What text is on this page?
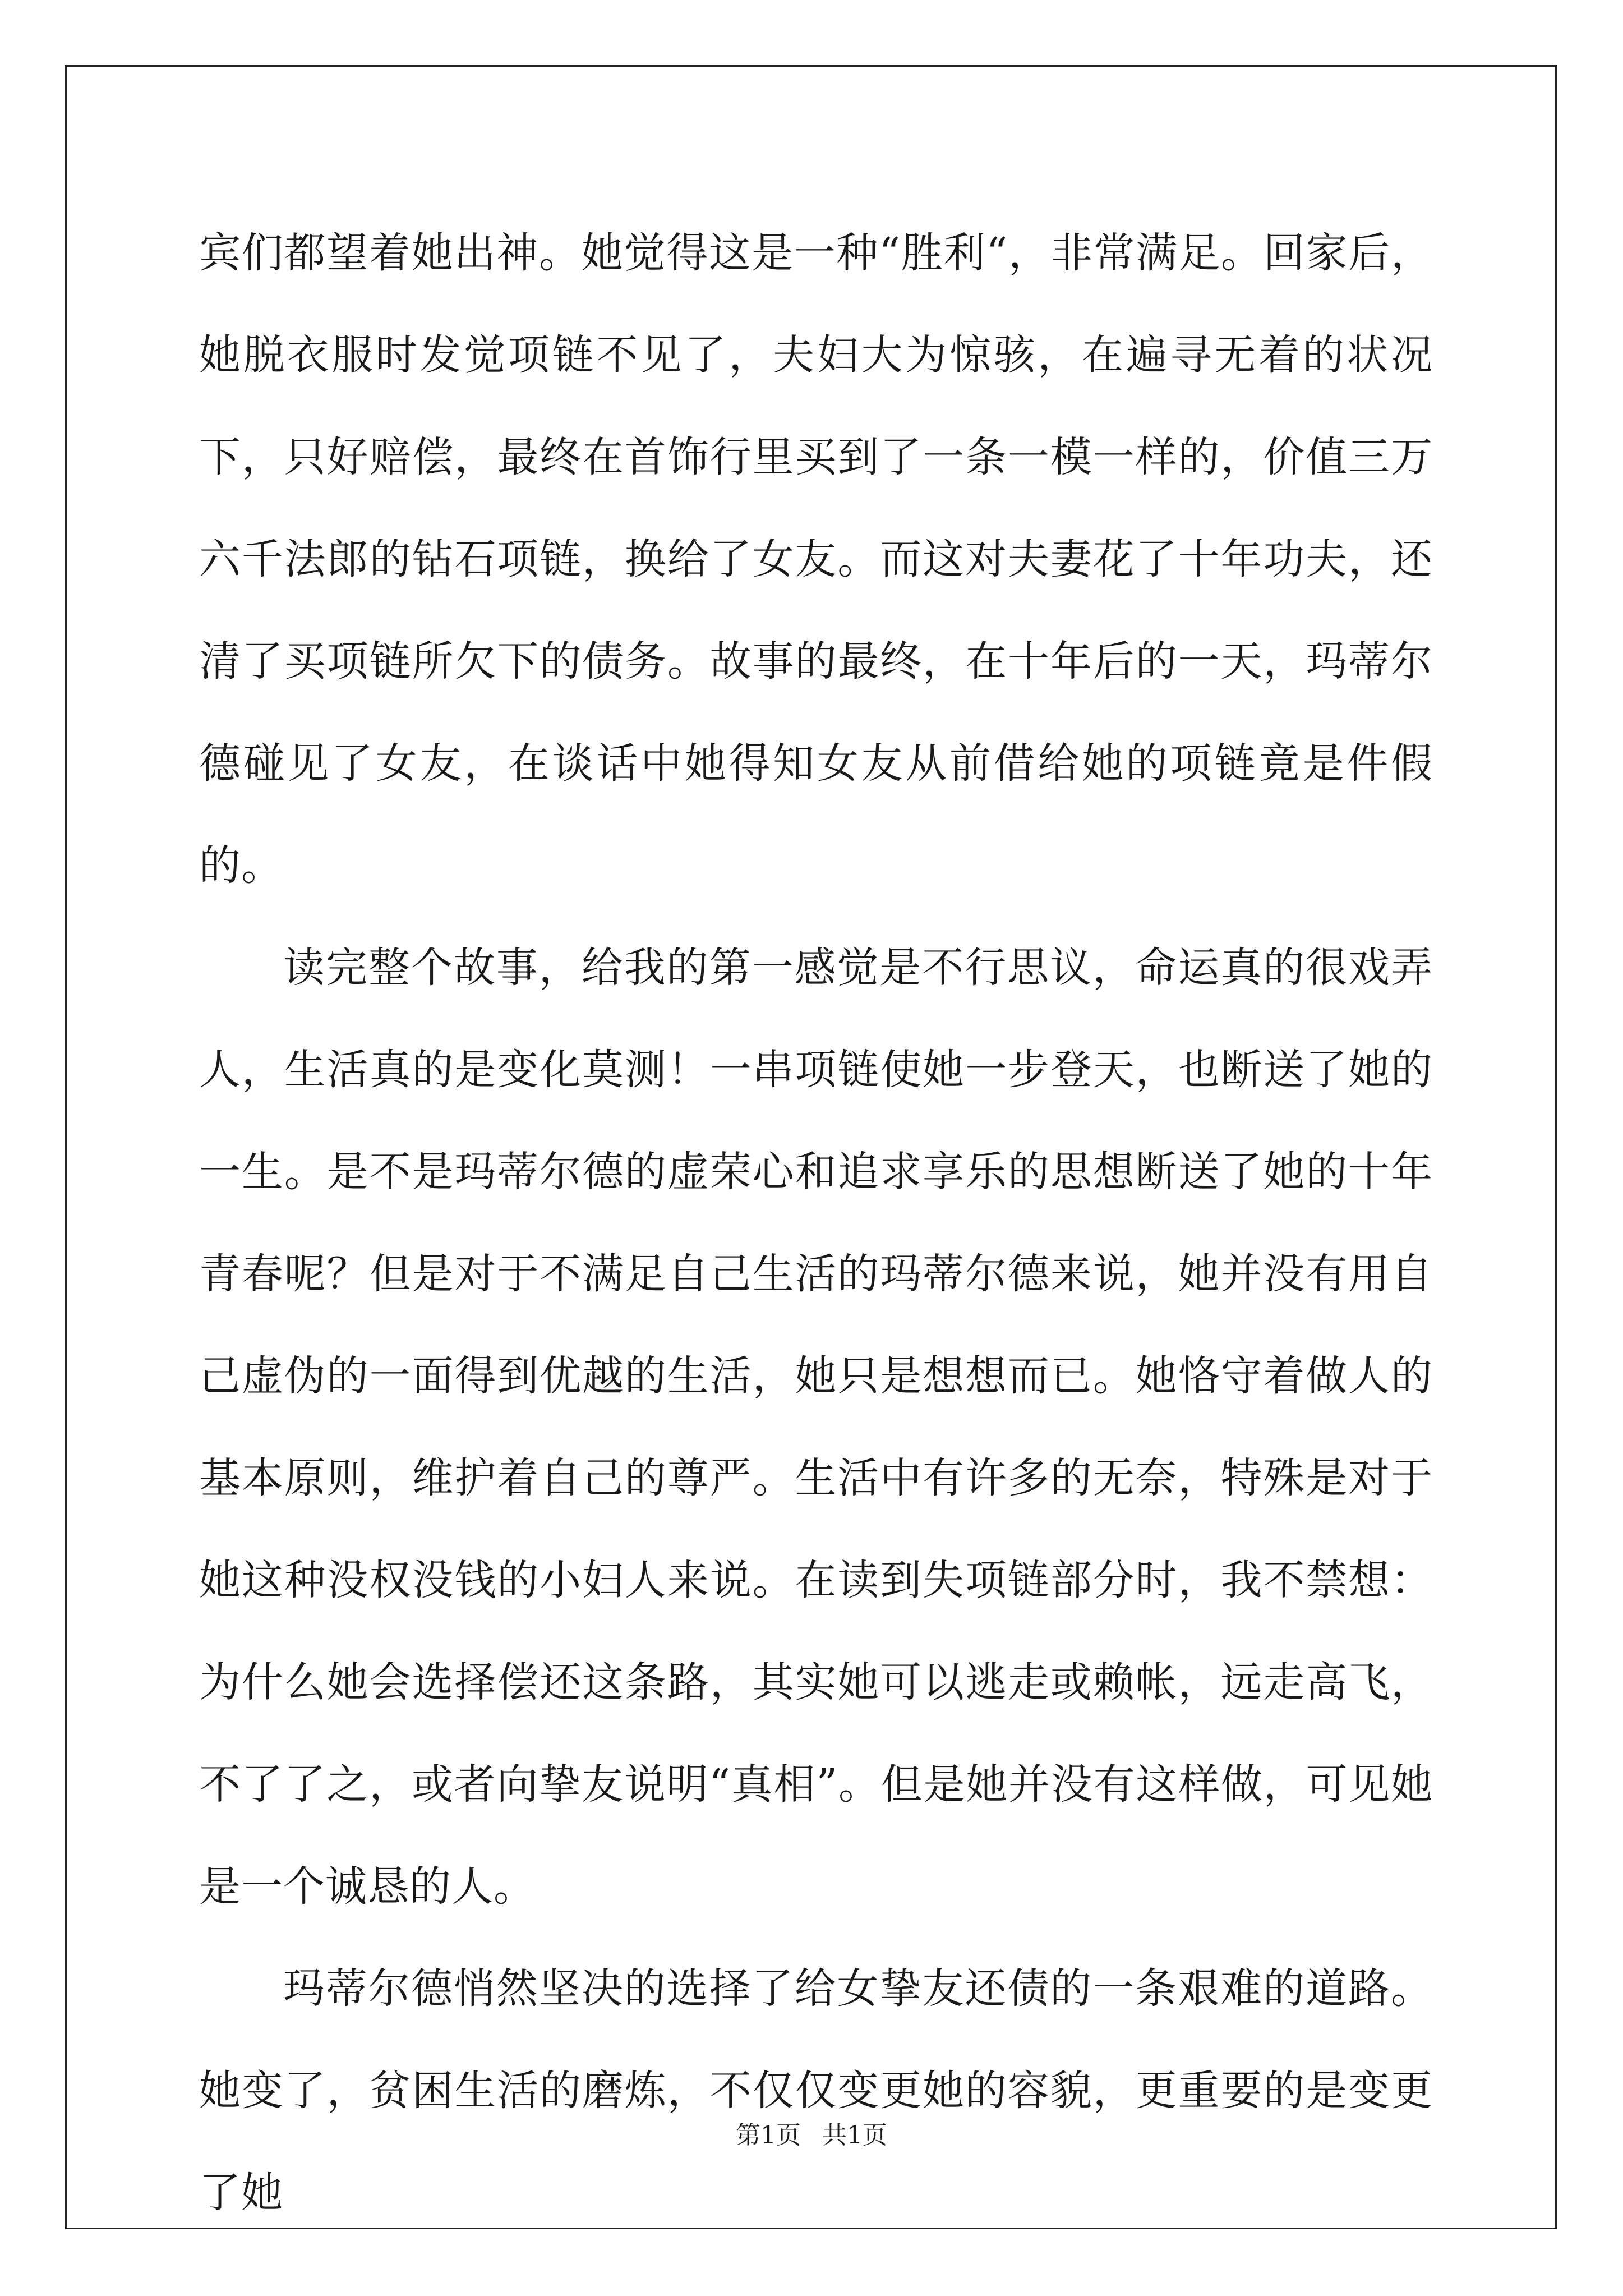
宾们都望着她出神。她觉得这是一种“胜利“，非常满足。回家后，她脱衣服时发觉项链不见了，夫妇大为惊骇，在遍寻无着的状况下，只好赔偿，最终在首饰行里买到了一条一模一样的，价值三万六千法郎的钻石项链，换给了女友。而这对夫妻花了十年功夫，还清了买项链所欠下的债务。故事的最终，在十年后的一天，玛蒂尔德碰见了女友，在谈话中她得知女友从前借给她的项链竟是件假的。

读完整个故事，给我的第一感觉是不行思议，命运真的很戏弄人，生活真的是变化莫测！一串项链使她一步登天，也断送了她的一生。是不是玛蒂尔德的虚荣心和追求享乐的思想断送了她的十年青春呢？但是对于不满足自己生活的玛蒂尔德来说，她并没有用自己虚伪的一面得到优越的生活，她只是想想而已。她恪守着做人的基本原则，维护着自己的尊严。生活中有许多的无奈，特殊是对于她这种没权没钱的小妇人来说。在读到失项链部分时，我不禁想：为什么她会选择偿还这条路，其实她可以逃走或赖帐，远走高飞，不了了之，或者向挚友说明“真相”。但是她并没有这样做，可见她是一个诚恳的人。

玛蒂尔德悄然坚决的选择了给女挚友还债的一条艰难的道路。她变了，贫困生活的磨炼，不仅仅变更她的容貌，更重要的是变更了她

第1页 共1页
